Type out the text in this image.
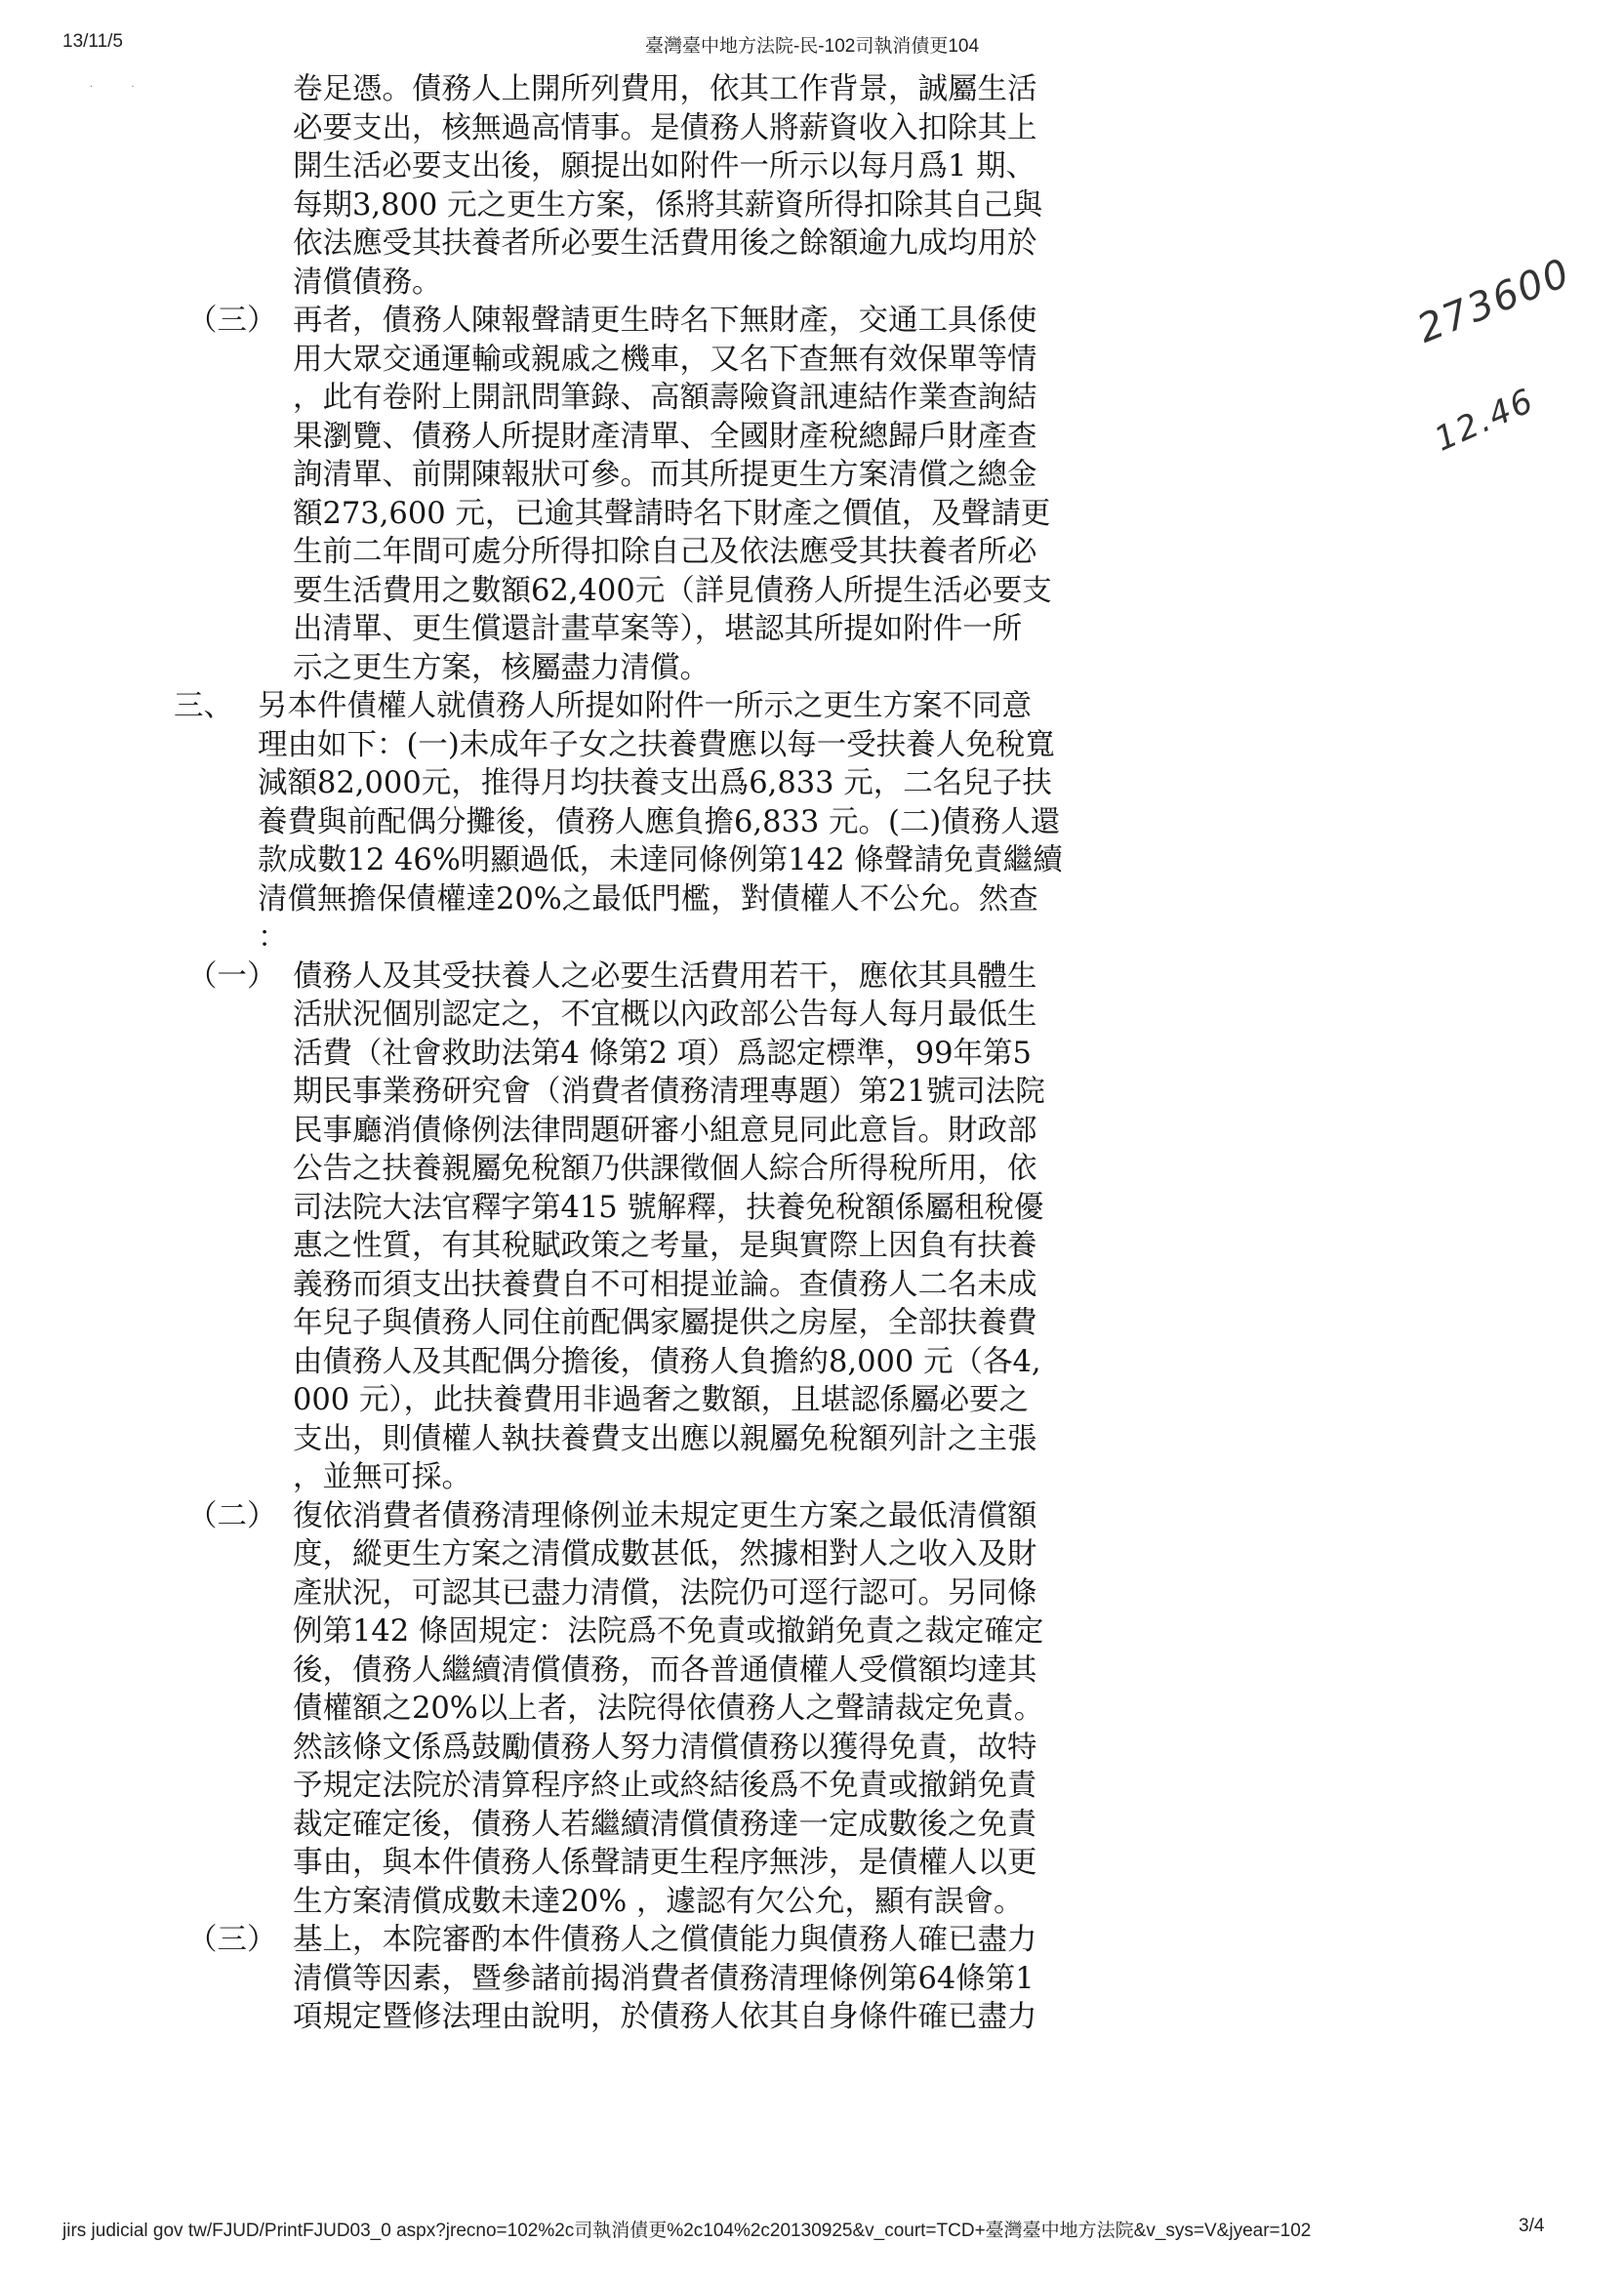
13/11/5	臺灣臺中地方法院-民-102司執消債更104
· ·	卷足憑。債務人上開所列費用，依其工作背景，誠屬生活
必要支出，核無過高情事。是債務人將薪資收入扣除其上
開生活必要支出後，願提出如附件一所示以每月爲1 期、
每期3,800 元之更生方案，係將其薪資所得扣除其自己與
依法應受其扶養者所必要生活費用後之餘額逾九成均用於
清償債務。
（三） 再者，債務人陳報聲請更生時名下無財產，交通工具係使
用大眾交通運輸或親戚之機車，又名下查無有效保單等情
，此有卷附上開訊問筆錄、高額壽險資訊連結作業查詢結
果瀏覽、債務人所提財產清單、全國財產稅總歸戶財產查
詢清單、前開陳報狀可參。而其所提更生方案清償之總金
額273,600 元，已逾其聲請時名下財產之價值，及聲請更
生前二年間可處分所得扣除自己及依法應受其扶養者所必
要生活費用之數額62,400元（詳見債務人所提生活必要支
出清單、更生償還計畫草案等），堪認其所提如附件一所
示之更生方案，核屬盡力清償。
三、 另本件債權人就債務人所提如附件一所示之更生方案不同意
理由如下：(一)未成年子女之扶養費應以每一受扶養人免稅寬
減額82,000元，推得月均扶養支出爲6,833 元，二名兒子扶
養費與前配偶分攤後，債務人應負擔6,833 元。(二)債務人還
款成數12 46%明顯過低，未達同條例第142 條聲請免責繼續
清償無擔保債權達20%之最低門檻，對債權人不公允。然查
：
（一） 債務人及其受扶養人之必要生活費用若干，應依其具體生
活狀況個別認定之，不宜概以內政部公告每人每月最低生
活費（社會救助法第4 條第2 項）爲認定標準，99年第5
期民事業務研究會（消費者債務清理專題）第21號司法院
民事廳消債條例法律問題研審小組意見同此意旨。財政部
公告之扶養親屬免稅額乃供課徵個人綜合所得稅所用，依
司法院大法官釋字第415 號解釋，扶養免稅額係屬租稅優
惠之性質，有其稅賦政策之考量，是與實際上因負有扶養
義務而須支出扶養費自不可相提並論。查債務人二名未成
年兒子與債務人同住前配偶家屬提供之房屋，全部扶養費
由債務人及其配偶分擔後，債務人負擔約8,000 元（各4,
000 元），此扶養費用非過奢之數額，且堪認係屬必要之
支出，則債權人執扶養費支出應以親屬免稅額列計之主張
，並無可採。
（二） 復依消費者債務清理條例並未規定更生方案之最低清償額
度，縱更生方案之清償成數甚低，然據相對人之收入及財
產狀況，可認其已盡力清償，法院仍可逕行認可。另同條
例第142 條固規定：法院爲不免責或撤銷免責之裁定確定
後，債務人繼續清償債務，而各普通債權人受償額均達其
債權額之20%以上者，法院得依債務人之聲請裁定免責。
然該條文係爲鼓勵債務人努力清償債務以獲得免責，故特
予規定法院於清算程序終止或終結後爲不免責或撤銷免責
裁定確定後，債務人若繼續清償債務達一定成數後之免責
事由，與本件債務人係聲請更生程序無涉，是債權人以更
生方案清償成數未達20% ，遽認有欠公允，顯有誤會。
（三） 基上，本院審酌本件債務人之償債能力與債務人確已盡力
清償等因素，暨參諸前揭消費者債務清理條例第64條第1
項規定暨修法理由說明，於債務人依其自身條件確已盡力
273600
12.46
jirs judicial gov tw/FJUD/PrintFJUD03_0 aspx?jrecno=102%2c司執消債更%2c104%2c20130925&v_court=TCD+臺灣臺中地方法院&v_sys=V&jyear=102	3/4
